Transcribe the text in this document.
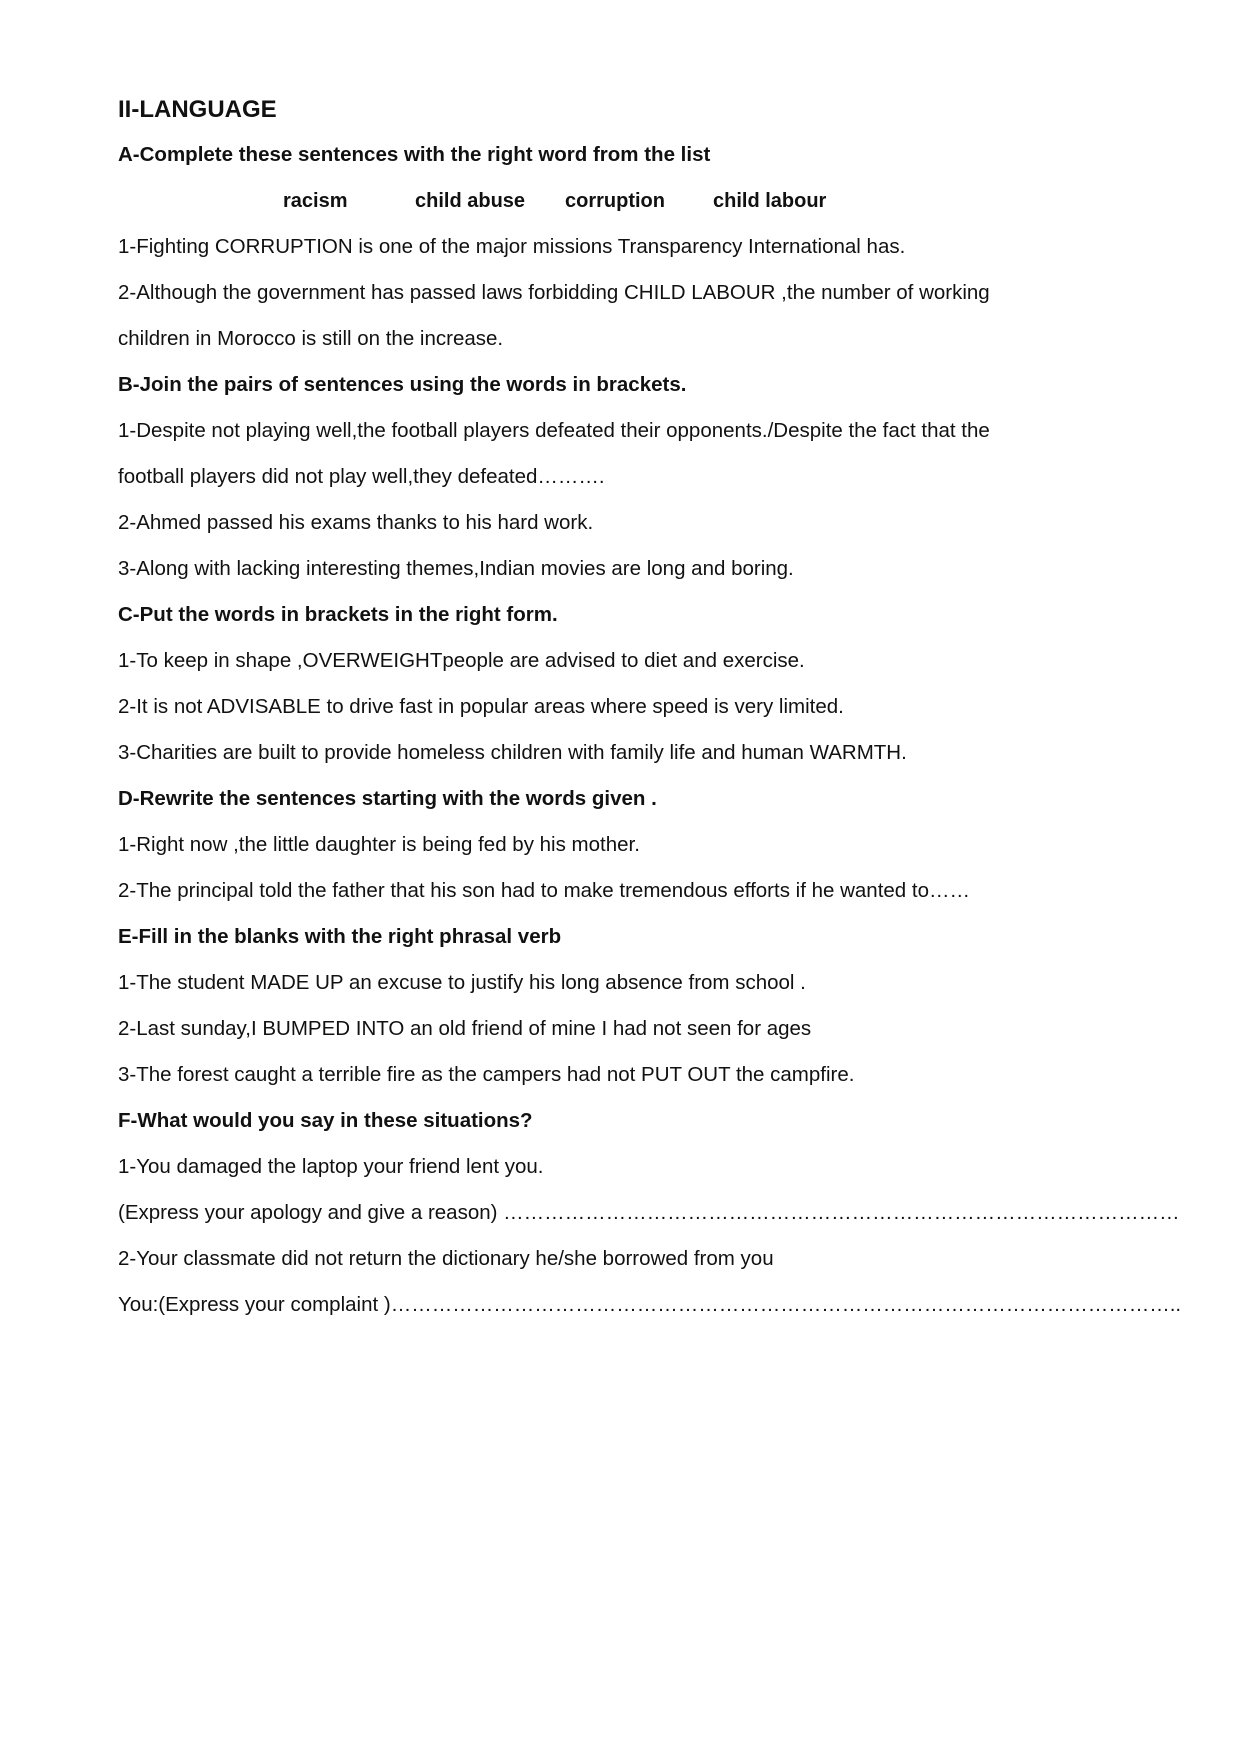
II-LANGUAGE
A-Complete these sentences with the right word from the list
racism	child abuse corruption child labour
1-Fighting CORRUPTION is one of the major missions Transparency International has.
2-Although the government has passed laws forbidding CHILD LABOUR ,the number of working
children in Morocco is still on the increase.
B-Join the pairs of sentences using the words in brackets.
1-Despite not playing well,the football players defeated their opponents./Despite the fact that the
football players did not play well,they defeated……….
2-Ahmed passed his exams thanks to his hard work.
3-Along with lacking interesting themes,Indian movies are long and boring.
C-Put the words in brackets in the right form.
1-To keep in shape ,OVERWEIGHTpeople are advised to diet and exercise.
2-It is not ADVISABLE to drive fast in popular areas where speed is very limited.
3-Charities are built to provide homeless children with family life and human WARMTH.
D-Rewrite the sentences starting with the words given .
1-Right now ,the little daughter is being fed by his mother.
2-The principal told the father that his son had to make tremendous efforts if he wanted to……
E-Fill in the blanks with the right phrasal verb
1-The student MADE UP an excuse to justify his long absence from school .
2-Last sunday,I BUMPED INTO an old friend of mine I had not seen for ages
3-The forest caught a terrible fire as the campers had not PUT OUT the campfire.
F-What would you say in these situations?
1-You damaged the laptop your friend lent you.
(Express your apology and give a reason) ………………………………………………………………………………………
2-Your classmate did not return the dictionary he/she borrowed from you
You:(Express your complaint )……………………………………………………………………………………………………..
